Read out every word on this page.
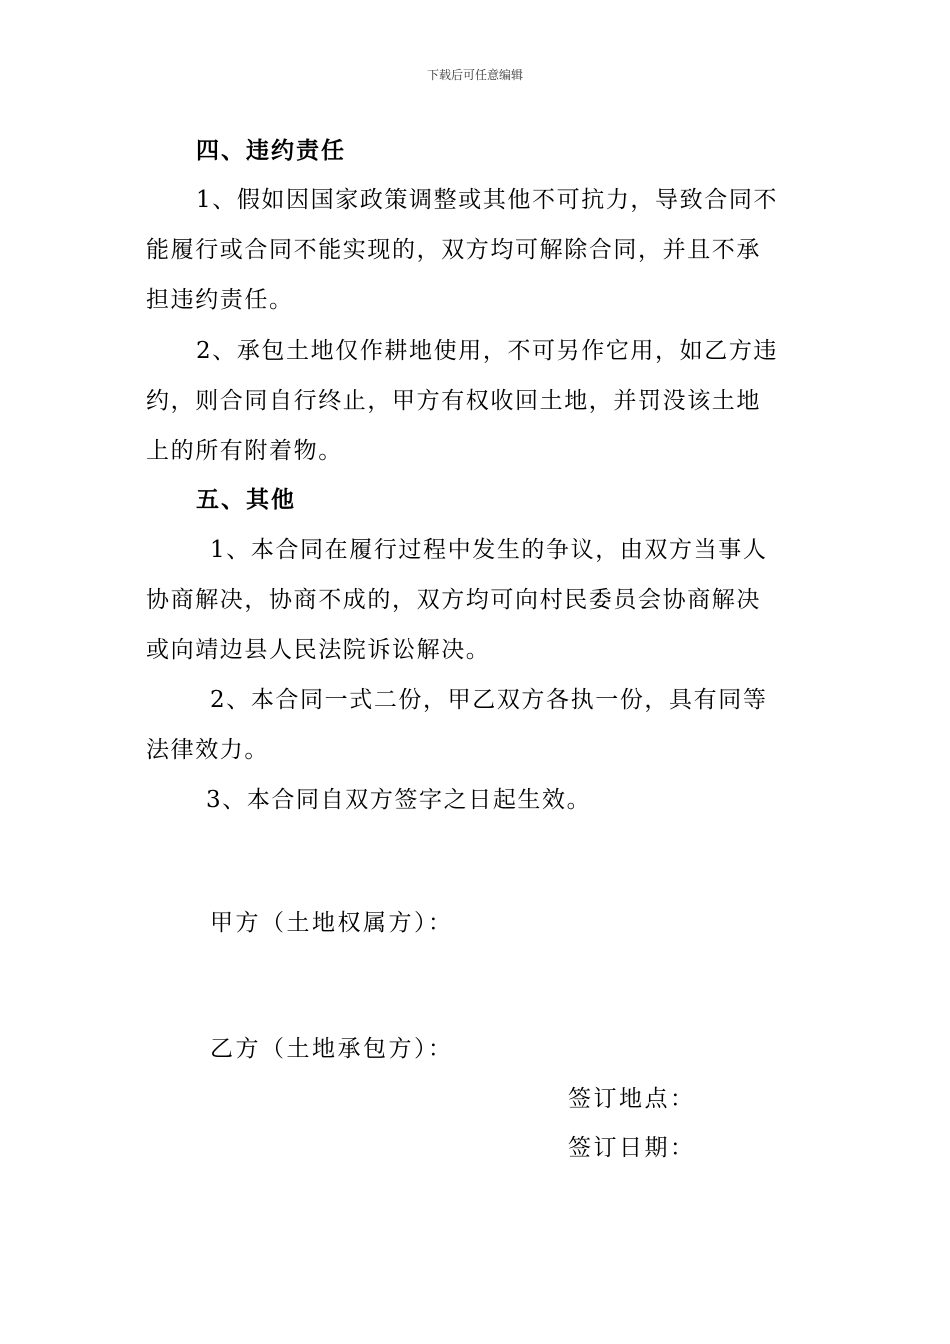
下载后可任意编辑
四、违约责任
1、假如因国家政策调整或其他不可抗力，导致合同不
能履行或合同不能实现的，双方均可解除合同，并且不承
担违约责任。
2、承包土地仅作耕地使用，不可另作它用，如乙方违
约，则合同自行终止，甲方有权收回土地，并罚没该土地
上的所有附着物。
五、其他
1、本合同在履行过程中发生的争议，由双方当事人
协商解决，协商不成的，双方均可向村民委员会协商解决
或向靖边县人民法院诉讼解决。
2、本合同一式二份，甲乙双方各执一份，具有同等
法律效力。
3、本合同自双方签字之日起生效。
甲方（土地权属方）：
乙方（土地承包方）：
签订地点：
签订日期：
